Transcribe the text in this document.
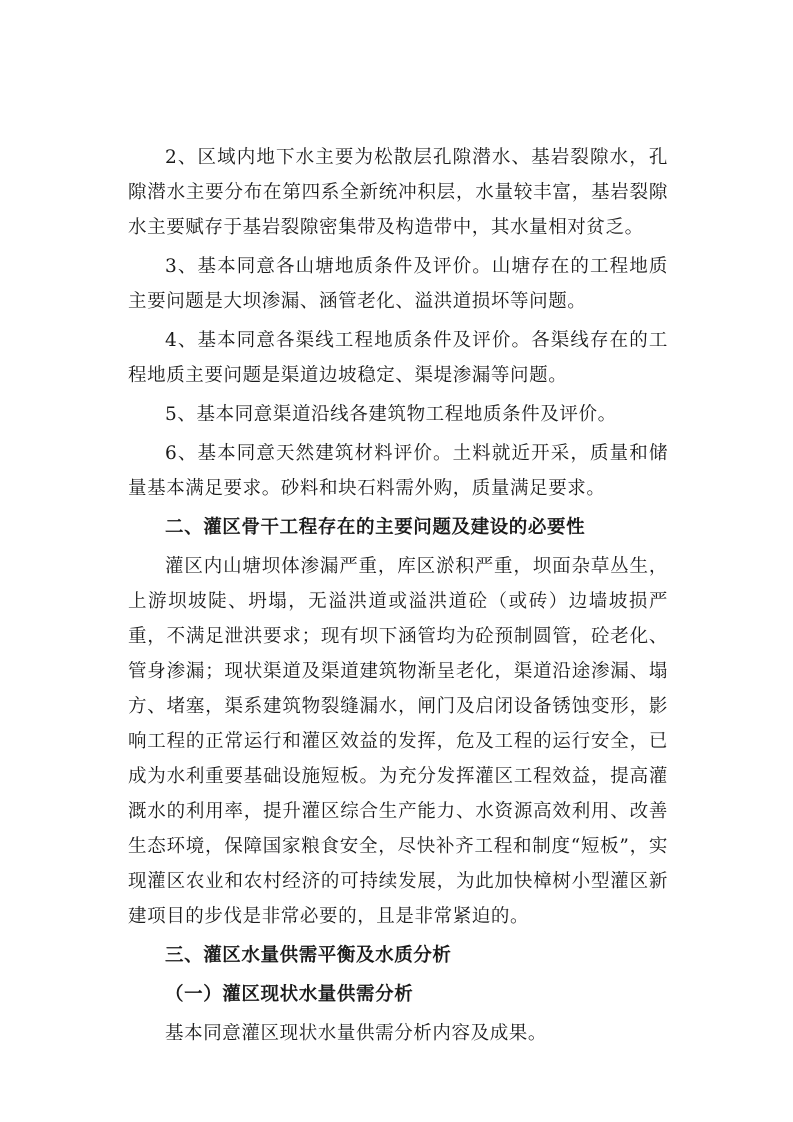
2、区域内地下水主要为松散层孔隙潜水、基岩裂隙水，孔隙潜水主要分布在第四系全新统冲积层，水量较丰富，基岩裂隙水主要赋存于基岩裂隙密集带及构造带中，其水量相对贫乏。

3、基本同意各山塘地质条件及评价。山塘存在的工程地质主要问题是大坝渗漏、涵管老化、溢洪道损坏等问题。

4、基本同意各渠线工程地质条件及评价。各渠线存在的工程地质主要问题是渠道边坡稳定、渠堤渗漏等问题。

5、基本同意渠道沿线各建筑物工程地质条件及评价。

6、基本同意天然建筑材料评价。土料就近开采，质量和储量基本满足要求。砂料和块石料需外购，质量满足要求。

二、灌区骨干工程存在的主要问题及建设的必要性

灌区内山塘坝体渗漏严重，库区淤积严重，坝面杂草丛生，上游坝坡陡、坍塌，无溢洪道或溢洪道砼（或砖）边墙坡损严重，不满足泄洪要求；现有坝下涵管均为砼预制圆管，砼老化、管身渗漏；现状渠道及渠道建筑物渐呈老化，渠道沿途渗漏、塌方、堵塞，渠系建筑物裂缝漏水，闸门及启闭设备锈蚀变形，影响工程的正常运行和灌区效益的发挥，危及工程的运行安全，已成为水利重要基础设施短板。为充分发挥灌区工程效益，提高灌溉水的利用率，提升灌区综合生产能力、水资源高效利用、改善生态环境，保障国家粮食安全，尽快补齐工程和制度“短板”，实现灌区农业和农村经济的可持续发展，为此加快樟树小型灌区新建项目的步伐是非常必要的，且是非常紧迫的。

三、灌区水量供需平衡及水质分析

（一）灌区现状水量供需分析

基本同意灌区现状水量供需分析内容及成果。
